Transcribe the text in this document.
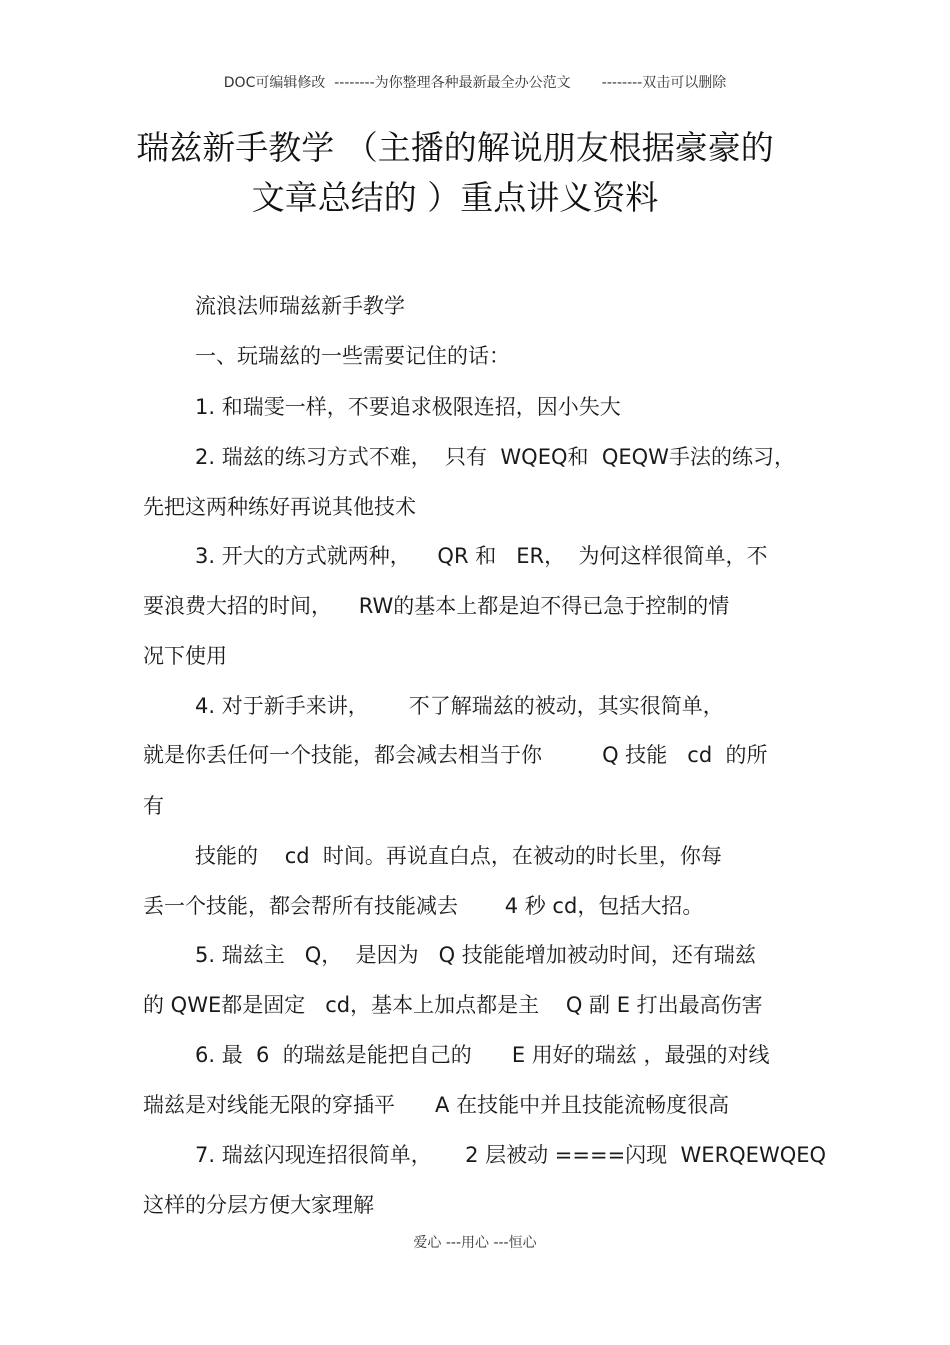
DOC可编辑修改  --------为你整理各种最新最全办公范文       --------双击可以删除
瑞兹新手教学 （主播的解说朋友根据豪豪的
文章总结的 ）重点讲义资料
流浪法师瑞兹新手教学
一、玩瑞兹的一些需要记住的话：
1. 和瑞雯一样，不要追求极限连招，因小失大
2. 瑞兹的练习方式不难，  只有  WQEQ和  QEQW手法的练习，
先把这两种练好再说其他技术
3. 开大的方式就两种，    QR 和   ER，  为何这样很简单，不
要浪费大招的时间，    RW的基本上都是迫不得已急于控制的情
况下使用
4. 对于新手来讲，      不了解瑞兹的被动，其实很简单，
就是你丢任何一个技能，都会减去相当于你         Q 技能   cd  的所
有
技能的    cd  时间。再说直白点，在被动的时长里，你每
丢一个技能，都会帮所有技能减去       4 秒 cd，包括大招。
5. 瑞兹主   Q，  是因为   Q 技能能增加被动时间，还有瑞兹
的 QWE都是固定   cd，基本上加点都是主    Q 副 E 打出最高伤害
6. 最  6  的瑞兹是能把自己的      E 用好的瑞兹 ，最强的对线
瑞兹是对线能无限的穿插平      A 在技能中并且技能流畅度很高
7. 瑞兹闪现连招很简单，     2 层被动 ====闪现  WERQEWQEQ
这样的分层方便大家理解
爱心 ---用心 ---恒心
